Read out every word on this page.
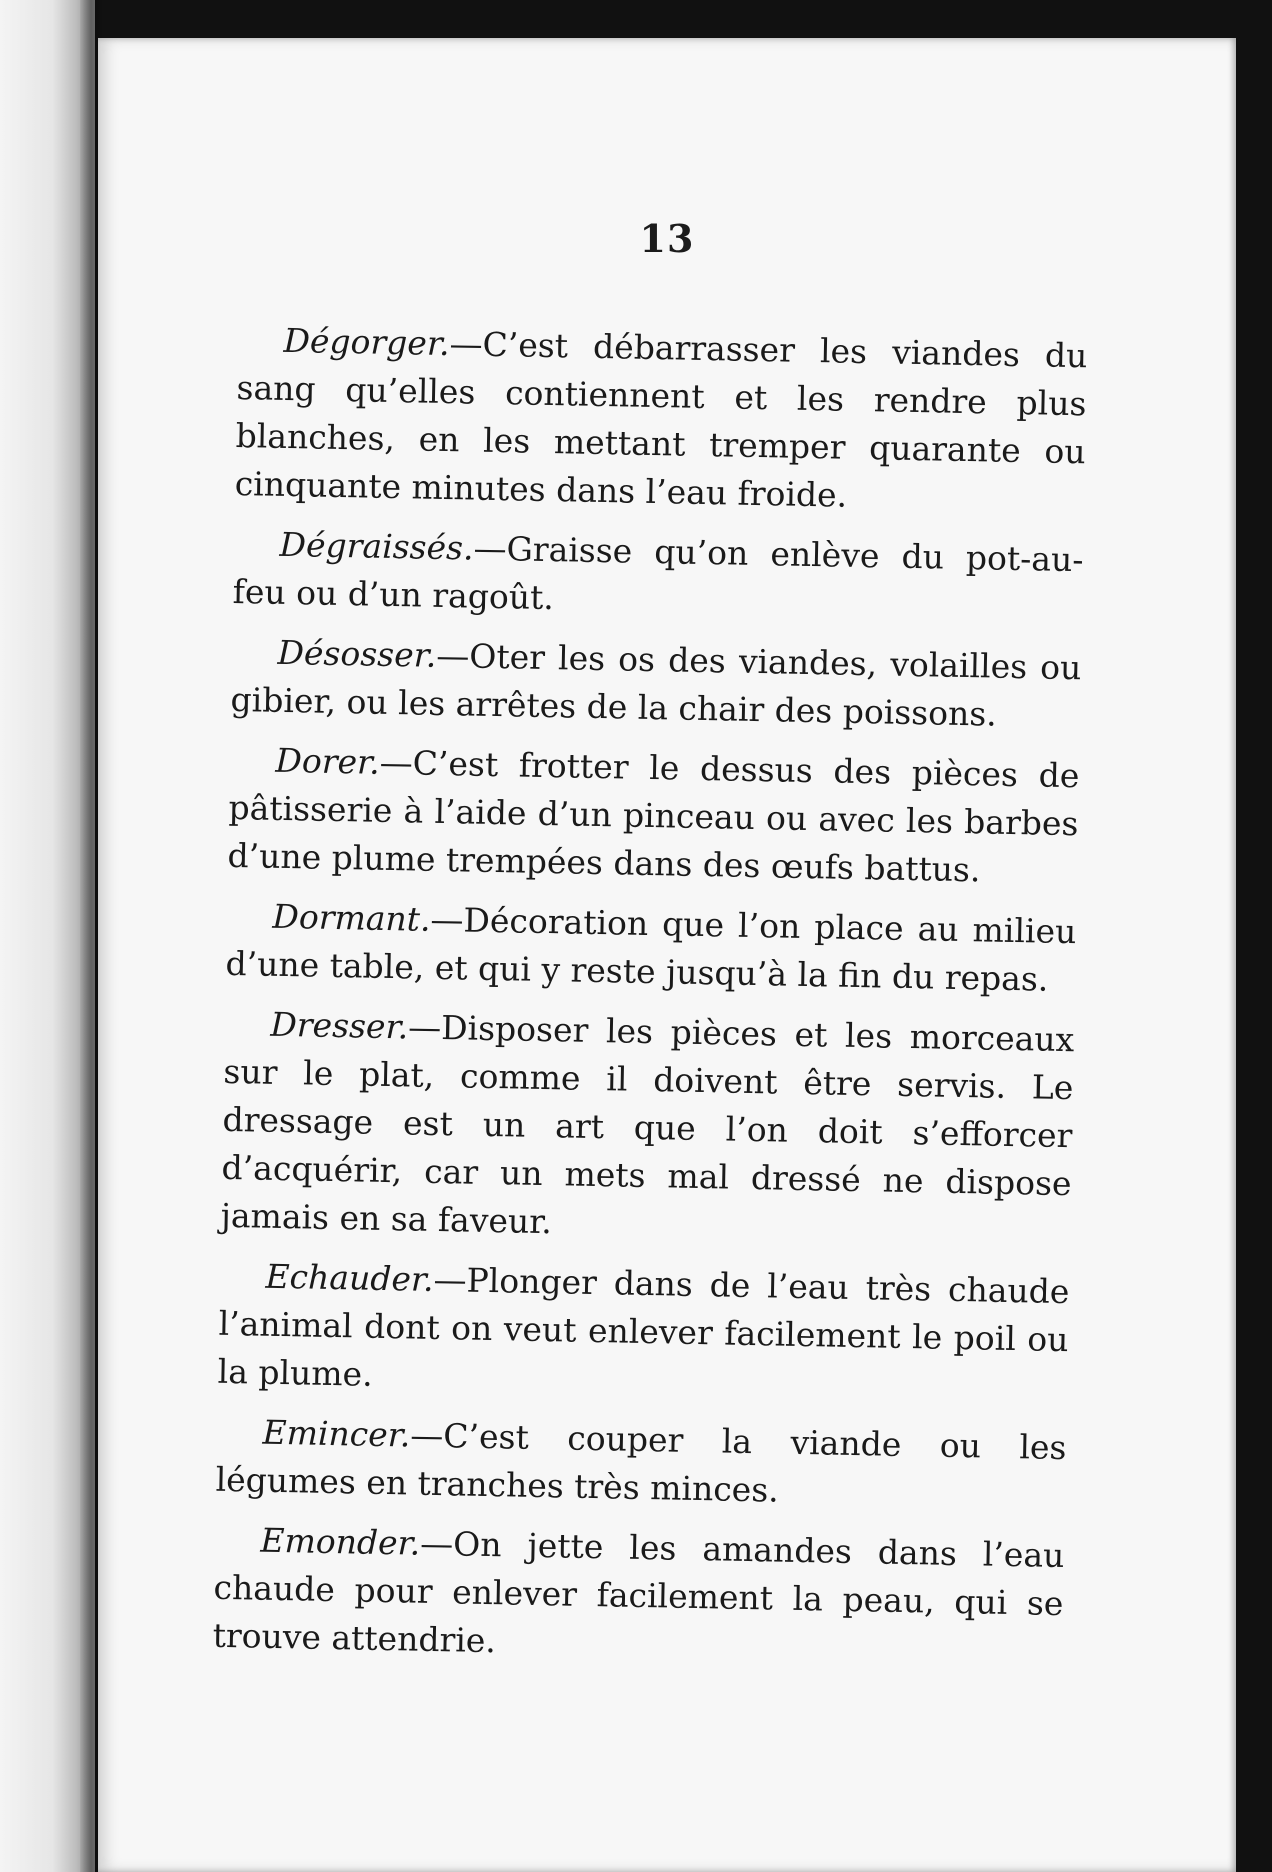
13

Dégorger.—C’est débarrasser les viandes du sang qu’elles contiennent et les rendre plus blanches, en les mettant tremper quarante ou cinquante minutes dans l’eau froide.

Dégraissés.—Graisse qu’on enlève du pot-au-feu ou d’un ragoût.

Désosser.—Oter les os des viandes, volailles ou gibier, ou les arrêtes de la chair des poissons.

Dorer.—C’est frotter le dessus des pièces de pâtisserie à l’aide d’un pinceau ou avec les barbes d’une plume trempées dans des œufs battus.

Dormant.—Décoration que l’on place au milieu d’une table, et qui y reste jusqu’à la fin du repas.

Dresser.—Disposer les pièces et les morceaux sur le plat, comme il doivent être servis. Le dressage est un art que l’on doit s’efforcer d’acquérir, car un mets mal dressé ne dispose jamais en sa faveur.

Echauder.—Plonger dans de l’eau très chaude l’animal dont on veut enlever facilement le poil ou la plume.

Emincer.—C’est couper la viande ou les légumes en tranches très minces.

Emonder.—On jette les amandes dans l’eau chaude pour enlever facilement la peau, qui se trouve attendrie.
